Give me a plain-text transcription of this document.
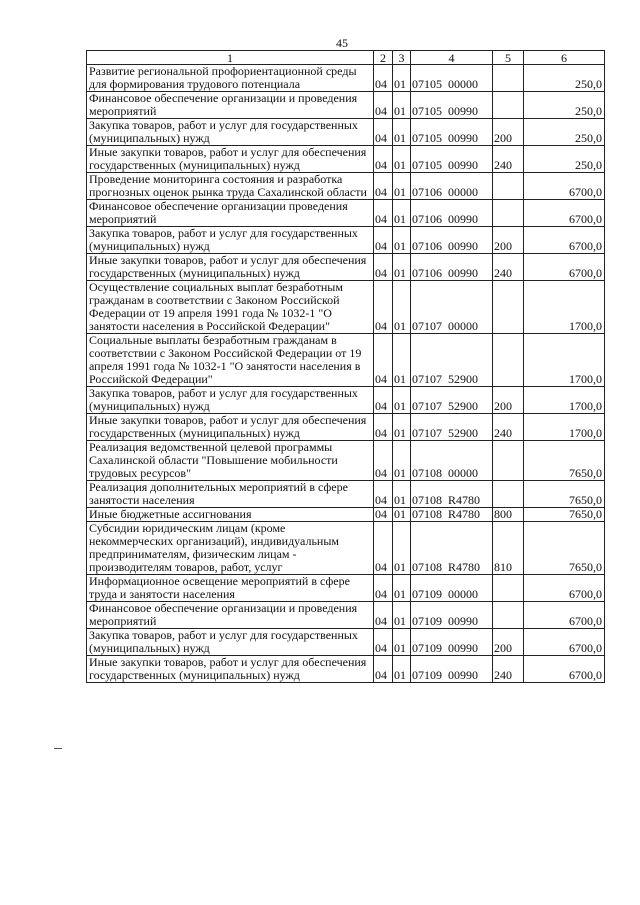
45
1	2	3	4	5	6
Развитие региональной профориентационной среды для формирования трудового потенциала	04	01	07105  00000		250,0
Финансовое обеспечение организации и проведения мероприятий	04	01	07105  00990		250,0
Закупка товаров, работ и услуг для государственных (муниципальных) нужд	04	01	07105  00990	200	250,0
Иные закупки товаров, работ и услуг для обеспечения государственных (муниципальных) нужд	04	01	07105  00990	240	250,0
Проведение мониторинга состояния и разработка прогнозных оценок рынка труда Сахалинской области	04	01	07106  00000		6700,0
Финансовое обеспечение организации проведения мероприятий	04	01	07106  00990		6700,0
Закупка товаров, работ и услуг для государственных (муниципальных) нужд	04	01	07106  00990	200	6700,0
Иные закупки товаров, работ и услуг для обеспечения государственных (муниципальных) нужд	04	01	07106  00990	240	6700,0
Осуществление социальных выплат безработным гражданам в соответствии с Законом Российской Федерации от 19 апреля 1991 года № 1032-1 "О занятости населения в Российской Федерации"	04	01	07107  00000		1700,0
Социальные выплаты безработным гражданам в соответствии с Законом Российской Федерации от 19 апреля 1991 года № 1032-1 "О занятости населения в Российской Федерации"	04	01	07107  52900		1700,0
Закупка товаров, работ и услуг для государственных (муниципальных) нужд	04	01	07107  52900	200	1700,0
Иные закупки товаров, работ и услуг для обеспечения государственных (муниципальных) нужд	04	01	07107  52900	240	1700,0
Реализация ведомственной целевой программы Сахалинской области "Повышение мобильности трудовых ресурсов"	04	01	07108  00000		7650,0
Реализация дополнительных мероприятий в сфере занятости населения	04	01	07108  R4780		7650,0
Иные бюджетные ассигнования	04	01	07108  R4780	800	7650,0
Субсидии юридическим лицам (кроме некоммерческих организаций), индивидуальным предпринимателям, физическим лицам - производителям товаров, работ, услуг	04	01	07108  R4780	810	7650,0
Информационное освещение мероприятий в сфере труда и занятости населения	04	01	07109  00000		6700,0
Финансовое обеспечение организации и проведения мероприятий	04	01	07109  00990		6700,0
Закупка товаров, работ и услуг для государственных (муниципальных) нужд	04	01	07109  00990	200	6700,0
Иные закупки товаров, работ и услуг для обеспечения государственных (муниципальных) нужд	04	01	07109  00990	240	6700,0
